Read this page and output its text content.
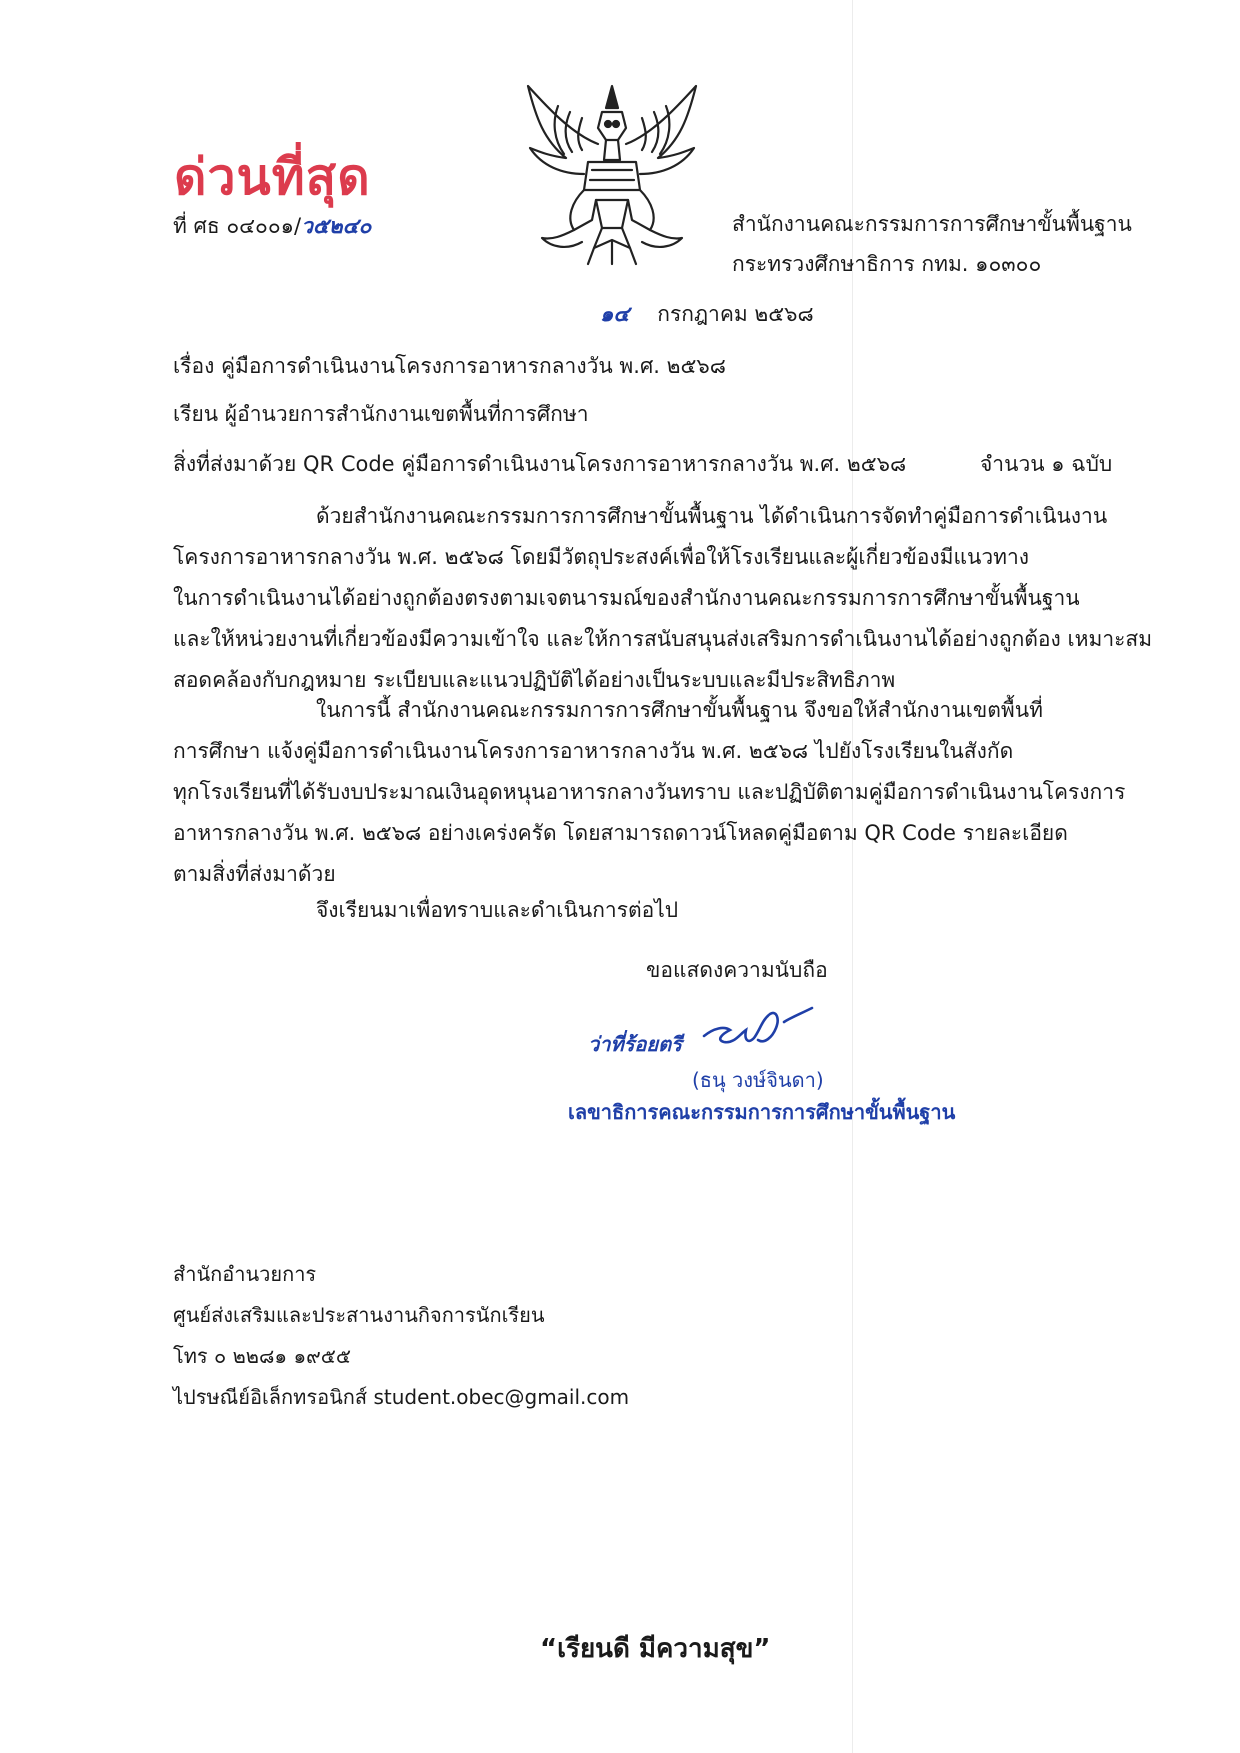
ด่วนที่สุด
ที่ ศธ ๐๔๐๐๑/ว๕๒๔๐	สำนักงานคณะกรรมการการศึกษาขั้นพื้นฐาน
กระทรวงศึกษาธิการ กทม. ๑๐๓๐๐
๑๔ กรกฎาคม ๒๕๖๘
เรื่อง คู่มือการดำเนินงานโครงการอาหารกลางวัน พ.ศ. ๒๕๖๘
เรียน ผู้อำนวยการสำนักงานเขตพื้นที่การศึกษา
สิ่งที่ส่งมาด้วย QR Code คู่มือการดำเนินงานโครงการอาหารกลางวัน พ.ศ. ๒๕๖๘	จำนวน ๑ ฉบับ
ด้วยสำนักงานคณะกรรมการการศึกษาขั้นพื้นฐาน ได้ดำเนินการจัดทำคู่มือการดำเนินงาน
โครงการอาหารกลางวัน พ.ศ. ๒๕๖๘ โดยมีวัตถุประสงค์เพื่อให้โรงเรียนและผู้เกี่ยวข้องมีแนวทาง
ในการดำเนินงานได้อย่างถูกต้องตรงตามเจตนารมณ์ของสำนักงานคณะกรรมการการศึกษาขั้นพื้นฐาน
และให้หน่วยงานที่เกี่ยวข้องมีความเข้าใจ และให้การสนับสนุนส่งเสริมการดำเนินงานได้อย่างถูกต้อง เหมาะสม
สอดคล้องกับกฎหมาย ระเบียบและแนวปฏิบัติได้อย่างเป็นระบบและมีประสิทธิภาพ
ในการนี้ สำนักงานคณะกรรมการการศึกษาขั้นพื้นฐาน จึงขอให้สำนักงานเขตพื้นที่
การศึกษา แจ้งคู่มือการดำเนินงานโครงการอาหารกลางวัน พ.ศ. ๒๕๖๘ ไปยังโรงเรียนในสังกัด
ทุกโรงเรียนที่ได้รับงบประมาณเงินอุดหนุนอาหารกลางวันทราบ และปฏิบัติตามคู่มือการดำเนินงานโครงการ
อาหารกลางวัน พ.ศ. ๒๕๖๘ อย่างเคร่งครัด โดยสามารถดาวน์โหลดคู่มือตาม QR Code รายละเอียด
ตามสิ่งที่ส่งมาด้วย
จึงเรียนมาเพื่อทราบและดำเนินการต่อไป
ขอแสดงความนับถือ
ว่าที่ร้อยตรี
(ธนุ วงษ์จินดา)
เลขาธิการคณะกรรมการการศึกษาขั้นพื้นฐาน
สำนักอำนวยการ
ศูนย์ส่งเสริมและประสานงานกิจการนักเรียน
โทร ๐ ๒๒๘๑ ๑๙๕๕
ไปรษณีย์อิเล็กทรอนิกส์ student.obec@gmail.com
“เรียนดี มีความสุข”
